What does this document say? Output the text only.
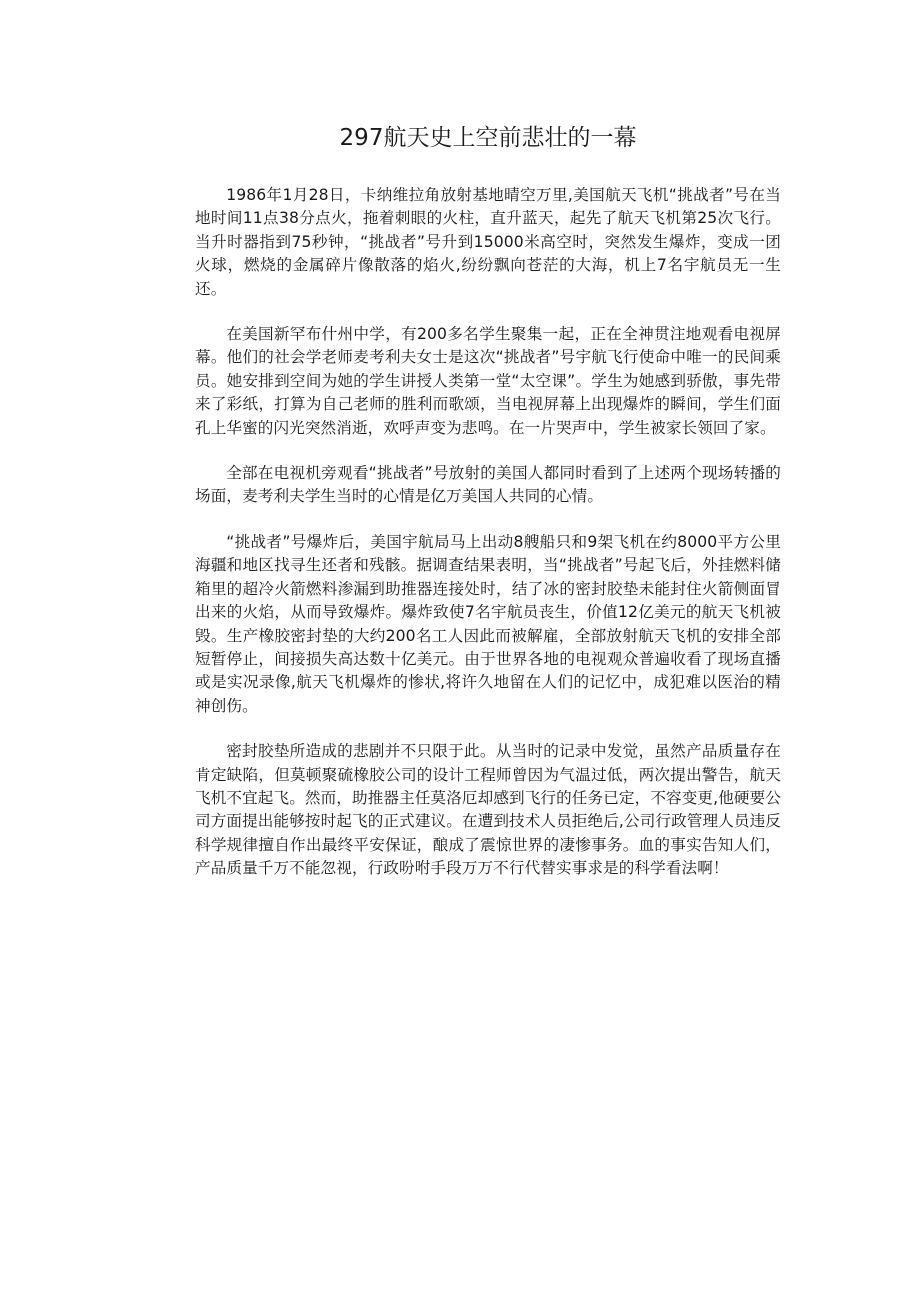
297航天史上空前悲壮的一幕

1986年1月28日，卡纳维拉角放射基地晴空万里,美国航天飞机“挑战者”号在当地时间11点38分点火，拖着刺眼的火柱，直升蓝天，起先了航天飞机第25次飞行。当升时器指到75秒钟，“挑战者”号升到15000米高空时，突然发生爆炸，变成一团火球，燃烧的金属碎片像散落的焰火,纷纷飘向苍茫的大海，机上7名宇航员无一生还。

在美国新罕布什州中学，有200多名学生聚集一起，正在全神贯注地观看电视屏幕。他们的社会学老师麦考利夫女士是这次“挑战者”号宇航飞行使命中唯一的民间乘员。她安排到空间为她的学生讲授人类第一堂“太空课”。学生为她感到骄傲，事先带来了彩纸，打算为自己老师的胜利而歌颂，当电视屏幕上出现爆炸的瞬间，学生们面孔上华蜜的闪光突然消逝，欢呼声变为悲鸣。在一片哭声中，学生被家长领回了家。

全部在电视机旁观看“挑战者”号放射的美国人都同时看到了上述两个现场转播的场面，麦考利夫学生当时的心情是亿万美国人共同的心情。

“挑战者”号爆炸后，美国宇航局马上出动8艘船只和9架飞机在约8000平方公里海疆和地区找寻生还者和残骸。据调查结果表明，当“挑战者”号起飞后，外挂燃料储箱里的超冷火箭燃料渗漏到助推器连接处时，结了冰的密封胶垫未能封住火箭侧面冒出来的火焰，从而导致爆炸。爆炸致使7名宇航员丧生，价值12亿美元的航天飞机被毁。生产橡胶密封垫的大约200名工人因此而被解雇，全部放射航天飞机的安排全部短暂停止，间接损失高达数十亿美元。由于世界各地的电视观众普遍收看了现场直播或是实况录像,航天飞机爆炸的惨状,将许久地留在人们的记忆中，成犯难以医治的精神创伤。

密封胶垫所造成的悲剧并不只限于此。从当时的记录中发觉，虽然产品质量存在肯定缺陷，但莫顿聚硫橡胶公司的设计工程师曾因为气温过低，两次提出警告，航天飞机不宜起飞。然而，助推器主任莫洛厄却感到飞行的任务已定，不容变更,他硬要公司方面提出能够按时起飞的正式建议。在遭到技术人员拒绝后,公司行政管理人员违反科学规律擅自作出最终平安保证，酿成了震惊世界的凄惨事务。血的事实告知人们，产品质量千万不能忽视，行政吩咐手段万万不行代替实事求是的科学看法啊！
